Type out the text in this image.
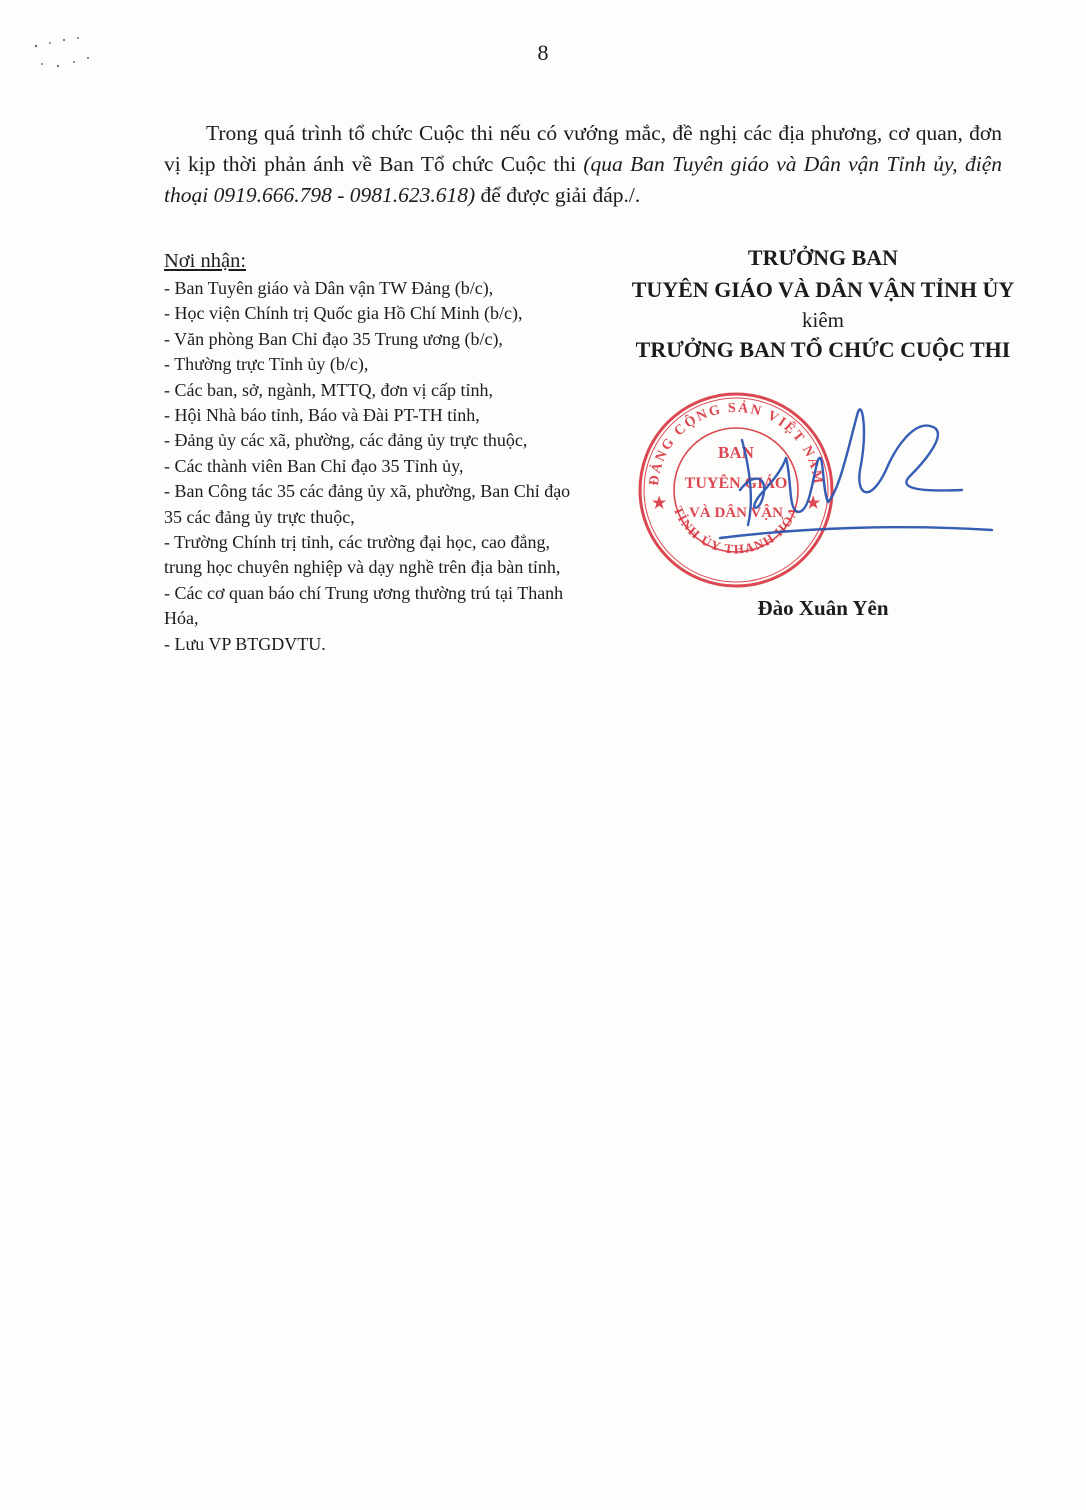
8

Trong quá trình tổ chức Cuộc thi nếu có vướng mắc, đề nghị các địa phương, cơ quan, đơn vị kịp thời phản ánh về Ban Tổ chức Cuộc thi (qua Ban Tuyên giáo và Dân vận Tỉnh ủy, điện thoại 0919.666.798 - 0981.623.618) để được giải đáp./.

Nơi nhận:
- Ban Tuyên giáo và Dân vận TW Đảng (b/c),
- Học viện Chính trị Quốc gia Hồ Chí Minh (b/c),
- Văn phòng Ban Chỉ đạo 35 Trung ương (b/c),
- Thường trực Tỉnh ủy (b/c),
- Các ban, sở, ngành, MTTQ, đơn vị cấp tỉnh,
- Hội Nhà báo tỉnh, Báo và Đài PT-TH tỉnh,
- Đảng ủy các xã, phường, các đảng ủy trực thuộc,
- Các thành viên Ban Chỉ đạo 35 Tỉnh ủy,
- Ban Công tác 35 các đảng ủy xã, phường, Ban Chỉ đạo 35 các đảng ủy trực thuộc,
- Trường Chính trị tỉnh, các trường đại học, cao đẳng, trung học chuyên nghiệp và dạy nghề trên địa bàn tỉnh,
- Các cơ quan báo chí Trung ương thường trú tại Thanh Hóa,
- Lưu VP BTGDVTU.
TRƯỞNG BAN
TUYÊN GIÁO VÀ DÂN VẬN TỈNH ỦY
kiêm
TRƯỞNG BAN TỔ CHỨC CUỘC THI
ĐẢNG CỘNG SẢN VIỆT NAM
TỈNH ỦY THANH HÓA
BAN
TUYÊN GIÁO
VÀ DÂN VẬN
★	★
Đào Xuân Yên
